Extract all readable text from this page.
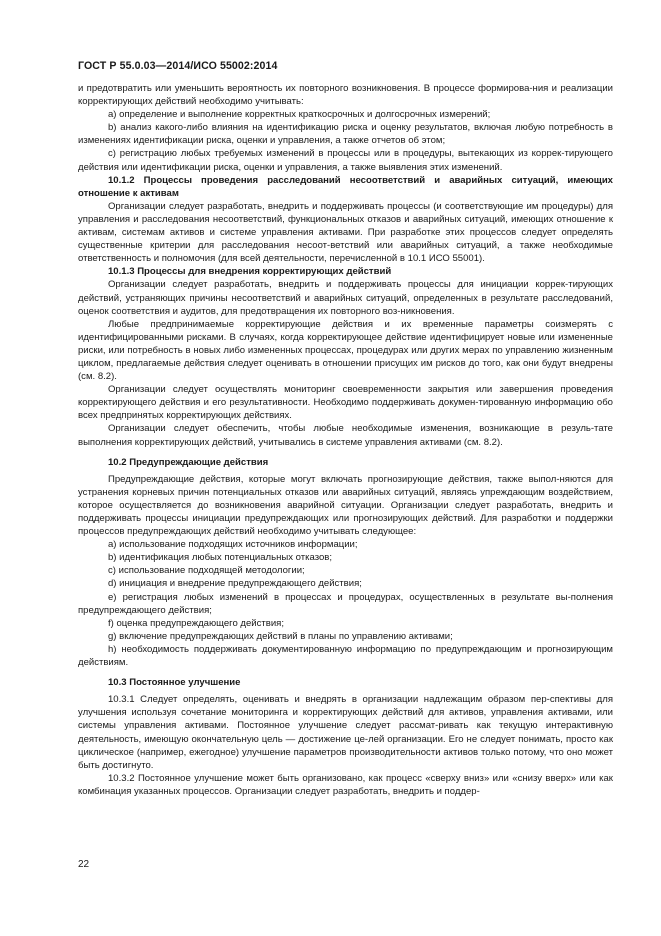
ГОСТ Р 55.0.03—2014/ИСО 55002:2014

и предотвратить или уменьшить вероятность их повторного возникновения. В процессе формирова-ния и реализации корректирующих действий необходимо учитывать:

a) определение и выполнение корректных краткосрочных и долгосрочных измерений;

b) анализ какого-либо влияния на идентификацию риска и оценку результатов, включая любую потребность в изменениях идентификации риска, оценки и управления, а также отчетов об этом;

c) регистрацию любых требуемых изменений в процессы или в процедуры, вытекающих из коррек-тирующего действия или идентификации риска, оценки и управления, а также выявления этих изменений.

10.1.2 Процессы проведения расследований несоответствий и аварийных ситуаций, имеющих отношение к активам

Организации следует разработать, внедрить и поддерживать процессы (и соответствующие им процедуры) для управления и расследования несоответствий, функциональных отказов и аварийных ситуаций, имеющих отношение к активам, системам активов и системе управления активами. При разработке этих процессов следует определять существенные критерии для расследования несоот-ветствий или аварийных ситуаций, а также необходимые ответственность и полномочия (для всей деятельности, перечисленной в 10.1 ИСО 55001).

10.1.3 Процессы для внедрения корректирующих действий

Организации следует разработать, внедрить и поддерживать процессы для инициации коррек-тирующих действий, устраняющих причины несоответствий и аварийных ситуаций, определенных в результате расследований, оценок соответствия и аудитов, для предотвращения их повторного воз-никновения.

Любые предпринимаемые корректирующие действия и их временные параметры соизмерять с идентифицированными рисками. В случаях, когда корректирующее действие идентифицирует новые или измененные риски, или потребность в новых либо измененных процессах, процедурах или других мерах по управлению жизненным циклом, предлагаемые действия следует оценивать в отношении присущих им рисков до того, как они будут внедрены (см. 8.2).

Организации следует осуществлять мониторинг своевременности закрытия или завершения проведения корректирующего действия и его результативности. Необходимо поддерживать докумен-тированную информацию обо всех предпринятых корректирующих действиях.

Организации следует обеспечить, чтобы любые необходимые изменения, возникающие в резуль-тате выполнения корректирующих действий, учитывались в системе управления активами (см. 8.2).

10.2 Предупреждающие действия

Предупреждающие действия, которые могут включать прогнозирующие действия, также выпол-няются для устранения корневых причин потенциальных отказов или аварийных ситуаций, являясь упреждающим воздействием, которое осуществляется до возникновения аварийной ситуации. Организации следует разработать, внедрить и поддерживать процессы инициации предупреждающих или прогнозирующих действий. Для разработки и поддержки процессов предупреждающих действий необходимо учитывать следующее:

a) использование подходящих источников информации;

b) идентификация любых потенциальных отказов;

c) использование подходящей методологии;

d) инициация и внедрение предупреждающего действия;

e) регистрация любых изменений в процессах и процедурах, осуществленных в результате вы-полнения предупреждающего действия;

f) оценка предупреждающего действия;

g) включение предупреждающих действий в планы по управлению активами;

h) необходимость поддерживать документированную информацию по предупреждающим и прогнозирующим действиям.

10.3 Постоянное улучшение

10.3.1 Следует определять, оценивать и внедрять в организации надлежащим образом пер-спективы для улучшения используя сочетание мониторинга и корректирующих действий для активов, управления активами, или системы управления активами. Постоянное улучшение следует рассмат-ривать как текущую интерактивную деятельность, имеющую окончательную цель — достижение це-лей организации. Его не следует понимать, просто как циклическое (например, ежегодное) улучшение параметров производительности активов только потому, что оно может быть достигнуто.

10.3.2 Постоянное улучшение может быть организовано, как процесс «сверху вниз» или «снизу вверх» или как комбинация указанных процессов. Организации следует разработать, внедрить и поддер-

22
